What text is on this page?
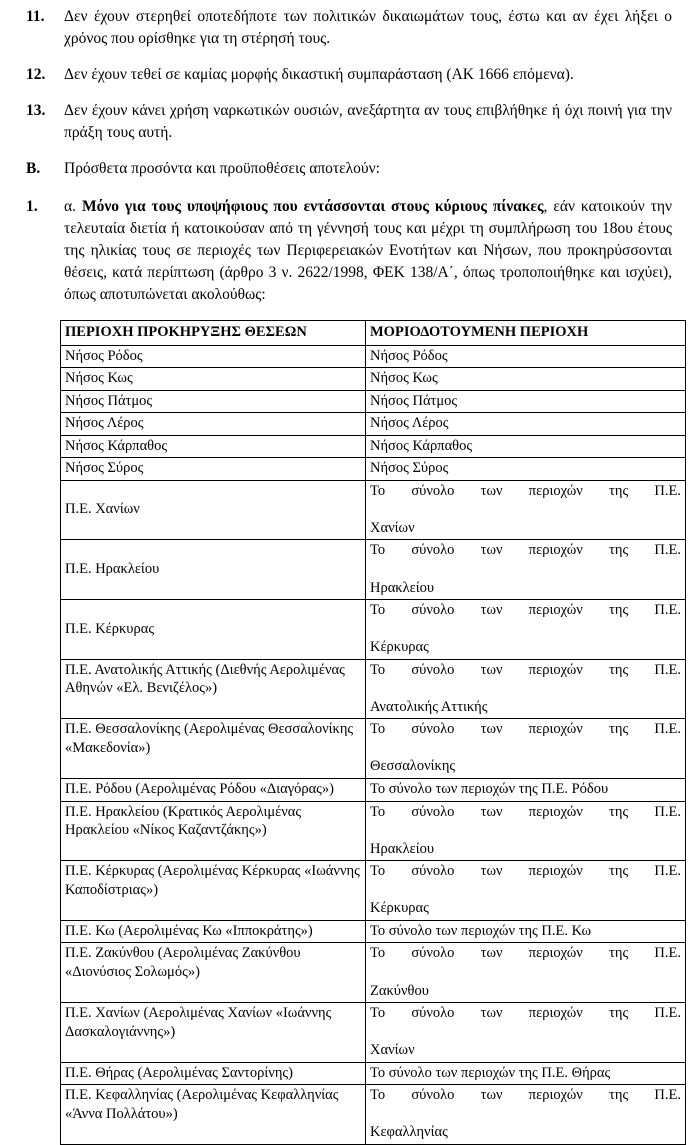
11.	Δεν έχουν στερηθεί οποτεδήποτε των πολιτικών δικαιωμάτων τους, έστω και αν έχει λήξει ο χρόνος που ορίσθηκε για τη στέρησή τους.
12.	Δεν έχουν τεθεί σε καμίας μορφής δικαστική συμπαράσταση (ΑΚ 1666 επόμενα).
13.	Δεν έχουν κάνει χρήση ναρκωτικών ουσιών, ανεξάρτητα αν τους επιβλήθηκε ή όχι ποινή για την πράξη τους αυτή.
Β.	Πρόσθετα προσόντα και προϋποθέσεις αποτελούν:
1.	α. Μόνο για τους υποψήφιους που εντάσσονται στους κύριους πίνακες, εάν κατοικούν την τελευταία διετία ή κατοικούσαν από τη γέννησή τους και μέχρι τη συμπλήρωση του 18ου έτους της ηλικίας τους σε περιοχές των Περιφερειακών Ενοτήτων και Νήσων, που προκηρύσσονται θέσεις, κατά περίπτωση (άρθρο 3 ν. 2622/1998, ΦΕΚ 138/Α΄, όπως τροποποιήθηκε και ισχύει), όπως αποτυπώνεται ακολούθως:
ΠΕΡΙΟΧΗ ΠΡΟΚΗΡΥΞΗΣ ΘΕΣΕΩΝ	ΜΟΡΙΟΔΟΤΟΥΜΕΝΗ ΠΕΡΙΟΧΗ
Νήσος Ρόδος	Νήσος Ρόδος
Νήσος Κως	Νήσος Κως
Νήσος Πάτμος	Νήσος Πάτμος
Νήσος Λέρος	Νήσος Λέρος
Νήσος Κάρπαθος	Νήσος Κάρπαθος
Νήσος Σύρος	Νήσος Σύρος
Π.Ε. Χανίων	Το σύνολο των περιοχών της Π.Ε.
Χανίων
Π.Ε. Ηρακλείου	Το σύνολο των περιοχών της Π.Ε.
Ηρακλείου
Π.Ε. Κέρκυρας	Το σύνολο των περιοχών της Π.Ε.
Κέρκυρας
Π.Ε. Ανατολικής Αττικής (Διεθνής Αερολιμένας Αθηνών «Ελ. Βενιζέλος»)	Το σύνολο των περιοχών της Π.Ε.
Ανατολικής Αττικής
Π.Ε. Θεσσαλονίκης (Αερολιμένας Θεσσαλονίκης «Μακεδονία»)	Το σύνολο των περιοχών της Π.Ε.
Θεσσαλονίκης
Π.Ε. Ρόδου (Αερολιμένας Ρόδου «Διαγόρας»)	Το σύνολο των περιοχών της Π.Ε. Ρόδου
Π.Ε. Ηρακλείου (Κρατικός Αερολιμένας Ηρακλείου «Νίκος Καζαντζάκης»)	Το σύνολο των περιοχών της Π.Ε.
Ηρακλείου
Π.Ε. Κέρκυρας (Αερολιμένας Κέρκυρας «Ιωάννης Καποδίστριας»)	Το σύνολο των περιοχών της Π.Ε.
Κέρκυρας
Π.Ε. Κω (Αερολιμένας Κω «Ιπποκράτης»)	Το σύνολο των περιοχών της Π.Ε. Κω
Π.Ε. Ζακύνθου (Αερολιμένας Ζακύνθου «Διονύσιος Σολωμός»)	Το σύνολο των περιοχών της Π.Ε.
Ζακύνθου
Π.Ε. Χανίων (Αερολιμένας Χανίων «Ιωάννης Δασκαλογιάννης»)	Το σύνολο των περιοχών της Π.Ε.
Χανίων
Π.Ε. Θήρας (Αερολιμένας Σαντορίνης)	Το σύνολο των περιοχών της Π.Ε. Θήρας
Π.Ε. Κεφαλληνίας (Αερολιμένας Κεφαλληνίας «Άννα Πολλάτου»)	Το σύνολο των περιοχών της Π.Ε.
Κεφαλληνίας
